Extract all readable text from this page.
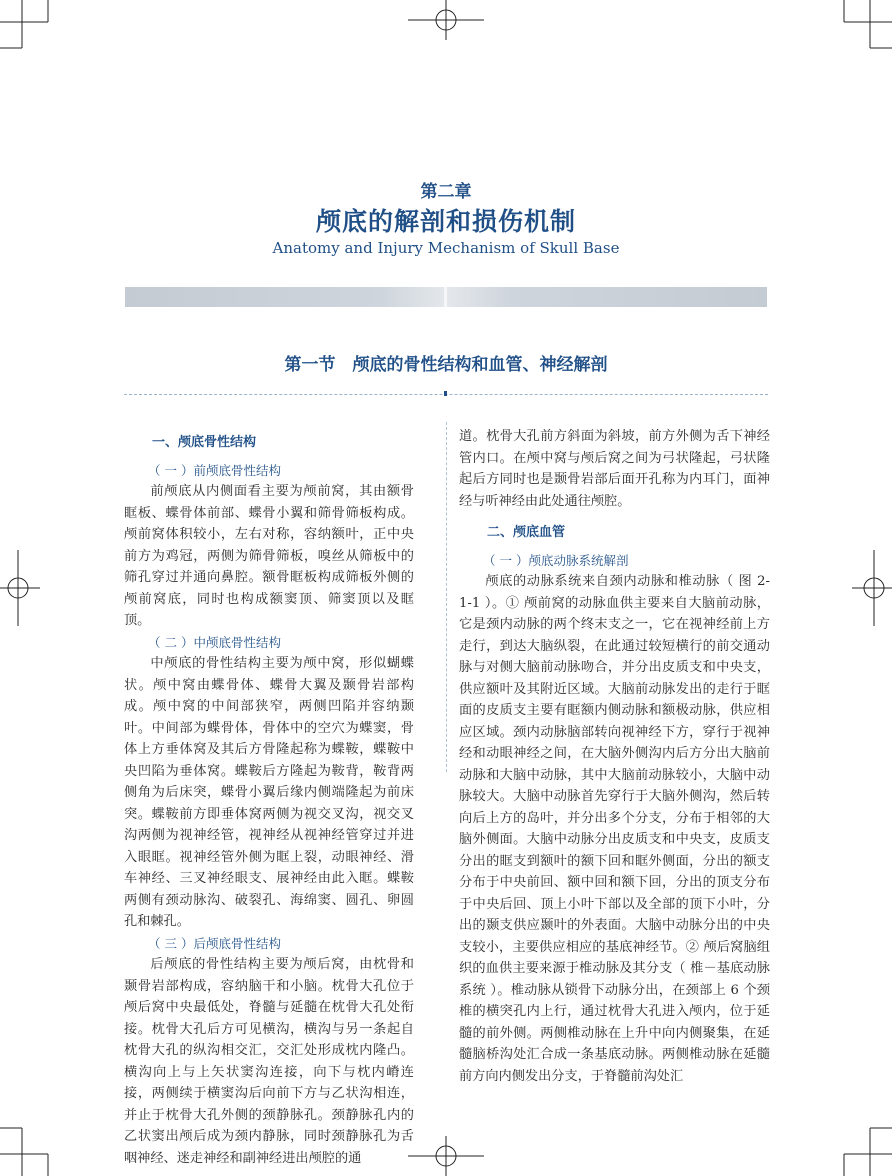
第二章
颅底的解剖和损伤机制
Anatomy and Injury Mechanism of Skull Base
第一节　颅底的骨性结构和血管、神经解剖
一、颅底骨性结构
（ 一 ）前颅底骨性结构

前颅底从内侧面看主要为颅前窝，其由额骨眶板、蝶骨体前部、蝶骨小翼和筛骨筛板构成。颅前窝体积较小，左右对称，容纳额叶，正中央前方为鸡冠，两侧为筛骨筛板，嗅丝从筛板中的筛孔穿过并通向鼻腔。额骨眶板构成筛板外侧的颅前窝底，同时也构成额窦顶、筛窦顶以及眶顶。

（ 二 ）中颅底骨性结构

中颅底的骨性结构主要为颅中窝，形似蝴蝶状。颅中窝由蝶骨体、蝶骨大翼及颞骨岩部构成。颅中窝的中间部狭窄，两侧凹陷并容纳颞叶。中间部为蝶骨体，骨体中的空穴为蝶窦，骨体上方垂体窝及其后方骨隆起称为蝶鞍，蝶鞍中央凹陷为垂体窝。蝶鞍后方隆起为鞍背，鞍背两侧角为后床突，蝶骨小翼后缘内侧端隆起为前床突。蝶鞍前方即垂体窝两侧为视交叉沟，视交叉沟两侧为视神经管，视神经从视神经管穿过并进入眼眶。视神经管外侧为眶上裂，动眼神经、滑车神经、三叉神经眼支、展神经由此入眶。蝶鞍两侧有颈动脉沟、破裂孔、海绵窦、圆孔、卵圆孔和棘孔。

（ 三 ）后颅底骨性结构

后颅底的骨性结构主要为颅后窝，由枕骨和颞骨岩部构成，容纳脑干和小脑。枕骨大孔位于颅后窝中央最低处，脊髓与延髓在枕骨大孔处衔接。枕骨大孔后方可见横沟，横沟与另一条起自枕骨大孔的纵沟相交汇，交汇处形成枕内隆凸。横沟向上与上矢状窦沟连接，向下与枕内嵴连接，两侧续于横窦沟后向前下方与乙状沟相连，并止于枕骨大孔外侧的颈静脉孔。颈静脉孔内的乙状窦出颅后成为颈内静脉，同时颈静脉孔为舌咽神经、迷走神经和副神经进出颅腔的通

道。枕骨大孔前方斜面为斜坡，前方外侧为舌下神经管内口。在颅中窝与颅后窝之间为弓状隆起，弓状隆起后方同时也是颞骨岩部后面开孔称为内耳门，面神经与听神经由此处通往颅腔。

二、颅底血管
（ 一 ）颅底动脉系统解剖

颅底的动脉系统来自颈内动脉和椎动脉（ 图 2-1-1 ）。① 颅前窝的动脉血供主要来自大脑前动脉，它是颈内动脉的两个终末支之一，它在视神经前上方走行，到达大脑纵裂，在此通过较短横行的前交通动脉与对侧大脑前动脉吻合，并分出皮质支和中央支，供应额叶及其附近区域。大脑前动脉发出的走行于眶面的皮质支主要有眶额内侧动脉和额极动脉，供应相应区域。颈内动脉脑部转向视神经下方，穿行于视神经和动眼神经之间，在大脑外侧沟内后方分出大脑前动脉和大脑中动脉，其中大脑前动脉较小，大脑中动脉较大。大脑中动脉首先穿行于大脑外侧沟，然后转向后上方的岛叶，并分出多个分支，分布于相邻的大脑外侧面。大脑中动脉分出皮质支和中央支，皮质支分出的眶支到额叶的额下回和眶外侧面，分出的额支分布于中央前回、额中回和额下回，分出的顶支分布于中央后回、顶上小叶下部以及全部的顶下小叶，分出的颞支供应颞叶的外表面。大脑中动脉分出的中央支较小，主要供应相应的基底神经节。② 颅后窝脑组织的血供主要来源于椎动脉及其分支（ 椎－基底动脉系统 ）。椎动脉从锁骨下动脉分出，在颈部上 6 个颈椎的横突孔内上行，通过枕骨大孔进入颅内，位于延髓的前外侧。两侧椎动脉在上升中向内侧聚集，在延髓脑桥沟处汇合成一条基底动脉。两侧椎动脉在延髓前方向内侧发出分支，于脊髓前沟处汇
